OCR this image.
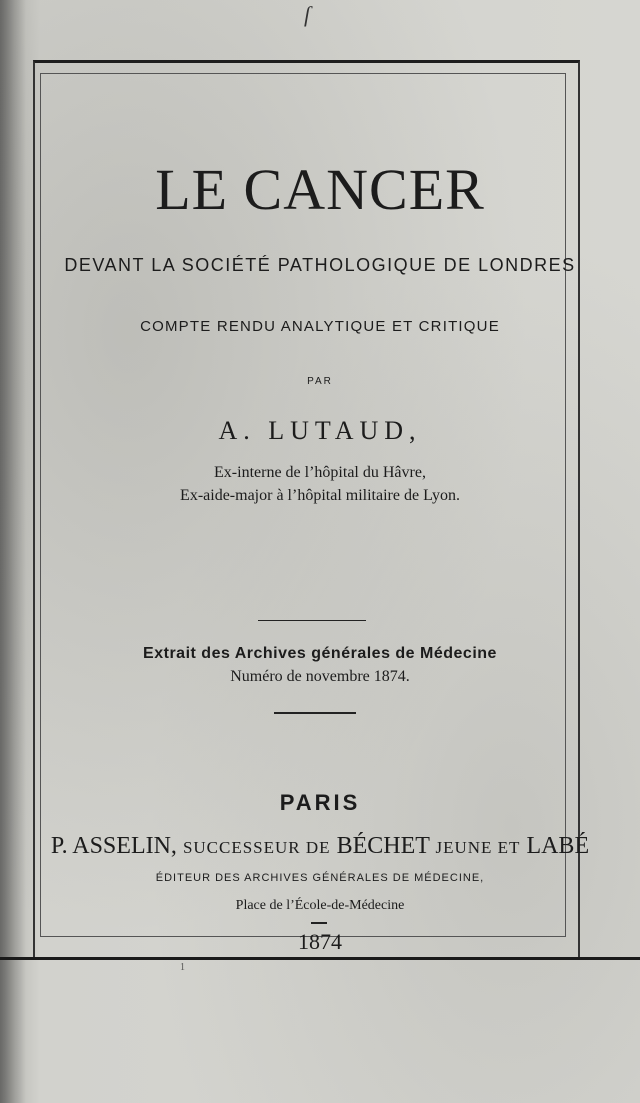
ſ
LE CANCER
DEVANT LA SOCIÉTÉ PATHOLOGIQUE DE LONDRES
COMPTE RENDU ANALYTIQUE ET CRITIQUE
PAR
A. LUTAUD,
Ex-interne de l’hôpital du Hâvre,
Ex-aide-major à l’hôpital militaire de Lyon.
Extrait des Archives générales de Médecine
Numéro de novembre 1874.
PARIS
P. ASSELIN, SUCCESSEUR DE BÉCHET JEUNE ET LABÉ
ÉDITEUR DES ARCHIVES GÉNÉRALES DE MÉDECINE,
Place de l’École-de-Médecine
1874
1
